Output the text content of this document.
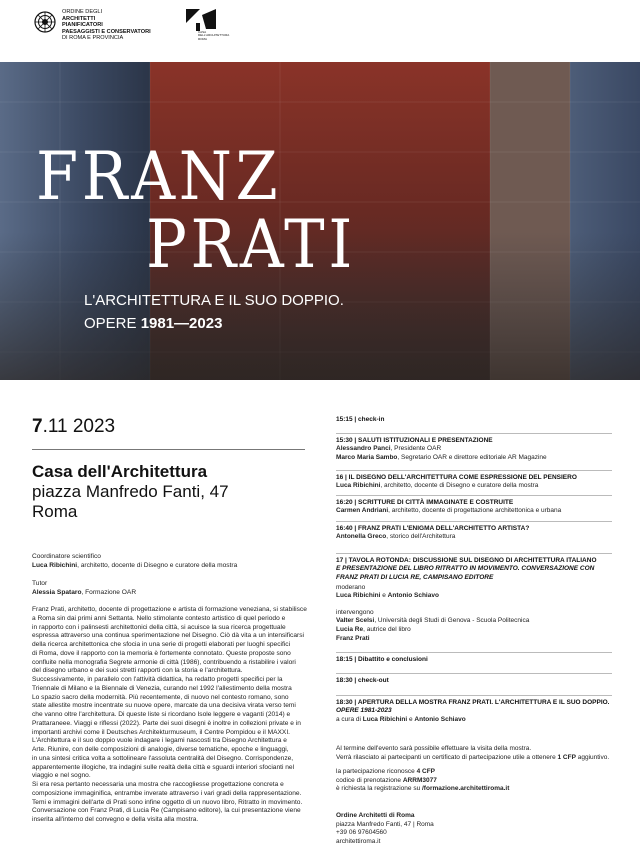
ORDINE DEGLI
ARCHITETTI
PIANIFICATORI
PAESAGGISTI E CONSERVATORI
DI ROMA E PROVINCIA
CASA
DELL'ARCHITETTURA
ROMA
FRANZ
PRATI
L'ARCHITETTURA E IL SUO DOPPIO.
OPERE 1981—2023
7.11 2023
Casa dell'Architettura
piazza Manfredo Fanti, 47
Roma
Coordinatore scientifico
Luca Ribichini, architetto, docente di Disegno e curatore della mostra
Tutor
Alessia Spataro, Formazione OAR
Franz Prati, architetto, docente di progettazione e artista di formazione veneziana, si stabilisce
a Roma sin dai primi anni Settanta. Nello stimolante contesto artistico di quel periodo e
in rapporto con i palinsesti architettonici della città, si acuisce la sua ricerca progettuale
espressa attraverso una continua sperimentazione nel Disegno. Ciò dà vita a un intensificarsi
della ricerca architettonica che sfocia in una serie di progetti elaborati per luoghi specifici
di Roma, dove il rapporto con la memoria è fortemente connotato. Queste proposte sono
confluite nella monografia Segrete armonie di città (1986), contribuendo a ristabilire i valori
del disegno urbano e dei suoi stretti rapporti con la storia e l'architettura.
Successivamente, in parallelo con l'attività didattica, ha redatto progetti specifici per la
Triennale di Milano e la Biennale di Venezia, curando nel 1992 l'allestimento della mostra
Lo spazio sacro della modernità. Più recentemente, di nuovo nel contesto romano, sono
state allestite mostre incentrate su nuove opere, marcate da una decisiva virata verso temi
che vanno oltre l'architettura. Di queste liste si ricordano Isole leggere e vaganti (2014) e
Prattaraneee. Viaggi e riflessi (2022). Parte dei suoi disegni è inoltre in collezioni private e in
importanti archivi come il Deutsches Architekturmuseum, il Centre Pompidou e il MAXXI.
L'Architettura e il suo doppio vuole indagare i legami nascosti tra Disegno Architettura e
Arte. Riunire, con delle composizioni di analogie, diverse tematiche, epoche e linguaggi,
in una sintesi critica volta a sottolineare l'assoluta centralità del Disegno. Corrispondenze,
apparentemente illogiche, tra indagini sulle realtà della città e sguardi interiori sfocianti nel
viaggio e nel sogno.
Si era resa pertanto necessaria una mostra che raccogliesse progettazione concreta e
composizione immaginifica, entrambe inverate attraverso i vari gradi della rappresentazione.
Temi e immagini dell'arte di Prati sono infine oggetto di un nuovo libro, Ritratto in movimento.
Conversazione con Franz Prati, di Lucia Re (Campisano editore), la cui presentazione viene
inserita all'interno del convegno e della visita alla mostra.
15:15 | check-in
15:30 | SALUTI ISTITUZIONALI E PRESENTAZIONE
Alessandro Panci, Presidente OAR
Marco Maria Sambo, Segretario OAR e direttore editoriale AR Magazine
16 | IL DISEGNO DELL'ARCHITETTURA COME ESPRESSIONE DEL PENSIERO
Luca Ribichini, architetto, docente di Disegno e curatore della mostra
16:20 | SCRITTURE DI CITTÀ IMMAGINATE E COSTRUITE
Carmen Andriani, architetto, docente di progettazione architettonica e urbana
16:40 | FRANZ PRATI L'ENIGMA DELL'ARCHITETTO ARTISTA?
Antonella Greco, storico dell'Architettura
17 | TAVOLA ROTONDA: DISCUSSIONE SUL DISEGNO DI ARCHITETTURA ITALIANO
E PRESENTAZIONE DEL LIBRO RITRATTO IN MOVIMENTO. CONVERSAZIONE CON
FRANZ PRATI DI LUCIA RE, CAMPISANO EDITORE
moderano
Luca Ribichini e Antonio Schiavo
intervengono
Valter Scelsi, Università degli Studi di Genova - Scuola Politecnica
Lucia Re, autrice del libro
Franz Prati
18:15 | Dibattito e conclusioni
18:30 | check-out
18:30 | APERTURA DELLA MOSTRA FRANZ PRATI. L'ARCHITETTURA E IL SUO DOPPIO.
OPERE 1981-2023
a cura di Luca Ribichini e Antonio Schiavo
Al termine dell'evento sarà possibile effettuare la visita della mostra.
Verrà rilasciato ai partecipanti un certificato di partecipazione utile a ottenere 1 CFP aggiuntivo.
la partecipazione riconosce 4 CFP
codice di prenotazione ARRM3077
è richiesta la registrazione su /formazione.architettiroma.it
Ordine Architetti di Roma
piazza Manfredo Fanti, 47 | Roma
+39 06 97604560
architettiroma.it
